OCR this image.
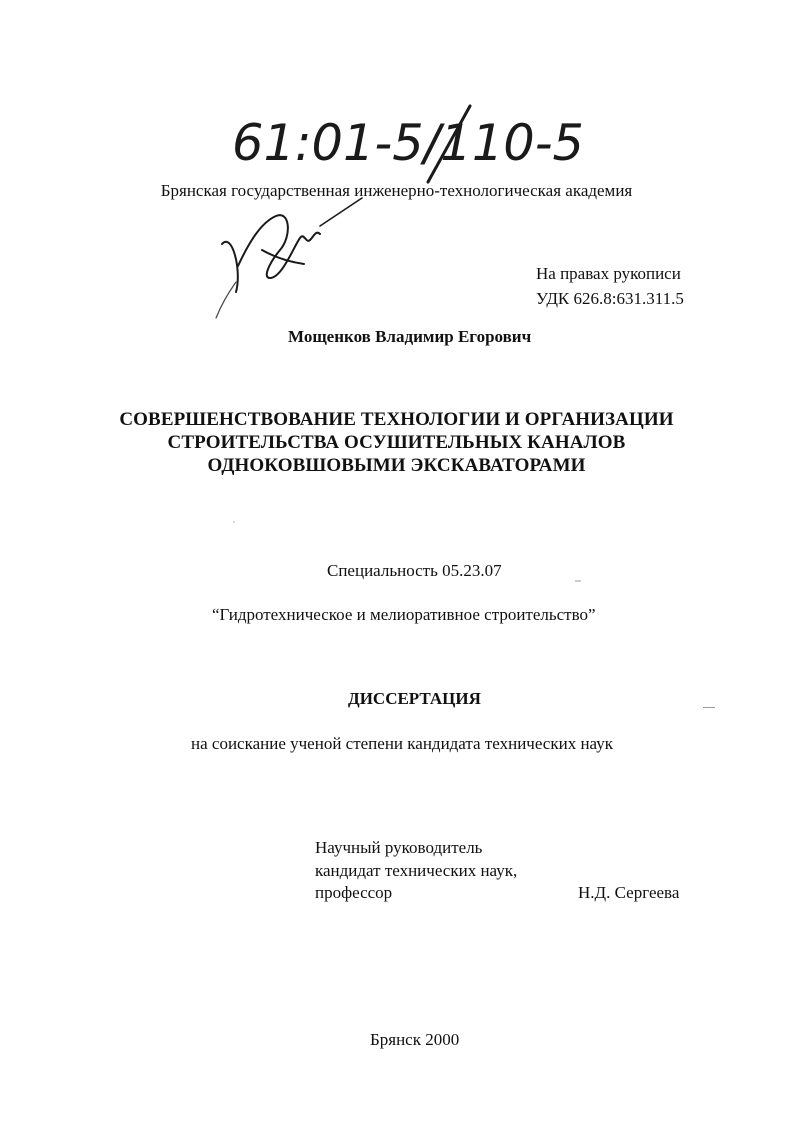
61:01-5/110-5
Брянская государственная инженерно-технологическая академия
На правах рукописи
УДК 626.8:631.311.5
Мощенков Владимир Егорович
СОВЕРШЕНСТВОВАНИЕ ТЕХНОЛОГИИ И ОРГАНИЗАЦИИ
СТРОИТЕЛЬСТВА ОСУШИТЕЛЬНЫХ КАНАЛОВ
ОДНОКОВШОВЫМИ ЭКСКАВАТОРАМИ
Специальность 05.23.07
“Гидротехническое и мелиоративное строительство”
ДИССЕРТАЦИЯ
на соискание ученой степени кандидата технических наук
Научный руководитель
кандидат технических наук,
профессор	Н.Д. Сергеева
Брянск 2000
